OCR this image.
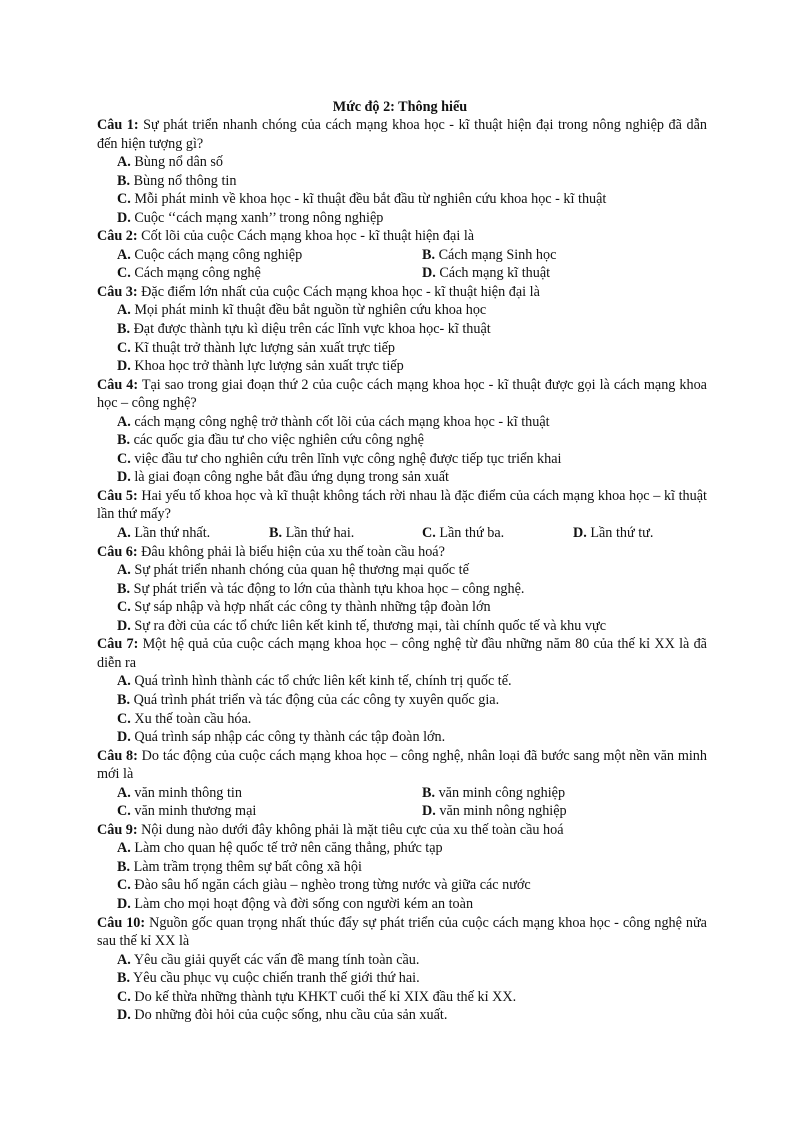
Mức độ 2: Thông hiểu
Câu 1: Sự phát triển nhanh chóng của cách mạng khoa học - kĩ thuật hiện đại trong nông nghiệp đã dẫn đến hiện tượng gì?
A. Bùng nổ dân số
B. Bùng nổ thông tin
C. Mỗi phát minh về khoa học - kĩ thuật đều bắt đầu từ nghiên cứu khoa học - kĩ thuật
D. Cuộc ‘‘cách mạng xanh’’ trong nông nghiệp
Câu 2: Cốt lõi của cuộc Cách mạng khoa học - kĩ thuật hiện đại là
A. Cuộc cách mạng công nghiệp	B. Cách mạng Sinh học
C. Cách mạng công nghệ	D. Cách mạng kĩ thuật
Câu 3: Đặc điểm lớn nhất của cuộc Cách mạng khoa học - kĩ thuật hiện đại là
A. Mọi phát minh kĩ thuật đều bắt nguồn từ nghiên cứu khoa học
B. Đạt được thành tựu kì diệu trên các lĩnh vực khoa học- kĩ thuật
C. Kĩ thuật trở thành lực lượng sản xuất trực tiếp
D. Khoa học trở thành lực lượng sản xuất trực tiếp
Câu 4: Tại sao trong giai đoạn thứ 2 của cuộc cách mạng khoa học - kĩ thuật được gọi là cách mạng khoa học – công nghệ?
A. cách mạng công nghệ trở thành cốt lõi của cách mạng khoa học - kĩ thuật
B. các quốc gia đầu tư cho việc nghiên cứu công nghệ
C. việc đầu tư cho nghiên cứu trên lĩnh vực công nghệ được tiếp tục triển khai
D. là giai đoạn công nghe bắt đầu ứng dụng trong sản xuất
Câu 5: Hai yếu tố khoa học và kĩ thuật không tách rời nhau là đặc điểm của cách mạng khoa học – kĩ thuật lần thứ mấy?
A. Lần thứ nhất.	B. Lần thứ hai.	C. Lần thứ ba.	D. Lần thứ tư.
Câu 6: Đâu không phải là biểu hiện của xu thế toàn cầu hoá?
A. Sự phát triển nhanh chóng của quan hệ thương mại quốc tế
B. Sự phát triển và tác động to lớn của thành tựu khoa học – công nghệ.
C. Sự sáp nhập và hợp nhất các công ty thành những tập đoàn lớn
D. Sự ra đời của các tổ chức liên kết kinh tế, thương mại, tài chính quốc tế và khu vực
Câu 7: Một hệ quả của cuộc cách mạng khoa học – công nghệ từ đầu những năm 80 của thế kỉ XX là đã diễn ra
A. Quá trình hình thành các tổ chức liên kết kinh tế, chính trị quốc tế.
B. Quá trình phát triển và tác động của các công ty xuyên quốc gia.
C. Xu thế toàn cầu hóa.
D. Quá trình sáp nhập các công ty thành các tập đoàn lớn.
Câu 8: Do tác động của cuộc cách mạng khoa học – công nghệ, nhân loại đã bước sang một nền văn minh mới là
A. văn minh thông tin	B. văn minh công nghiệp
C. văn minh thương mại	D. văn minh nông nghiệp
Câu 9: Nội dung nào dưới đây không phải là mặt tiêu cực của xu thế toàn cầu hoá
A. Làm cho quan hệ quốc tế trở nên căng thẳng, phức tạp
B. Làm trầm trọng thêm sự bất công xã hội
C. Đào sâu hố ngăn cách giàu – nghèo trong từng nước và giữa các nước
D. Làm cho mọi hoạt động và đời sống con người kém an toàn
Câu 10: Nguồn gốc quan trọng nhất thúc đẩy sự phát triển của cuộc cách mạng khoa học - công nghệ nửa sau thế kỉ XX là
A. Yêu cầu giải quyết các vấn đề mang tính toàn cầu.
B. Yêu cầu phục vụ cuộc chiến tranh thế giới thứ hai.
C. Do kế thừa những thành tựu KHKT cuối thế kỉ XIX đầu thế kỉ XX.
D. Do những đòi hỏi của cuộc sống, nhu cầu của sản xuất.
